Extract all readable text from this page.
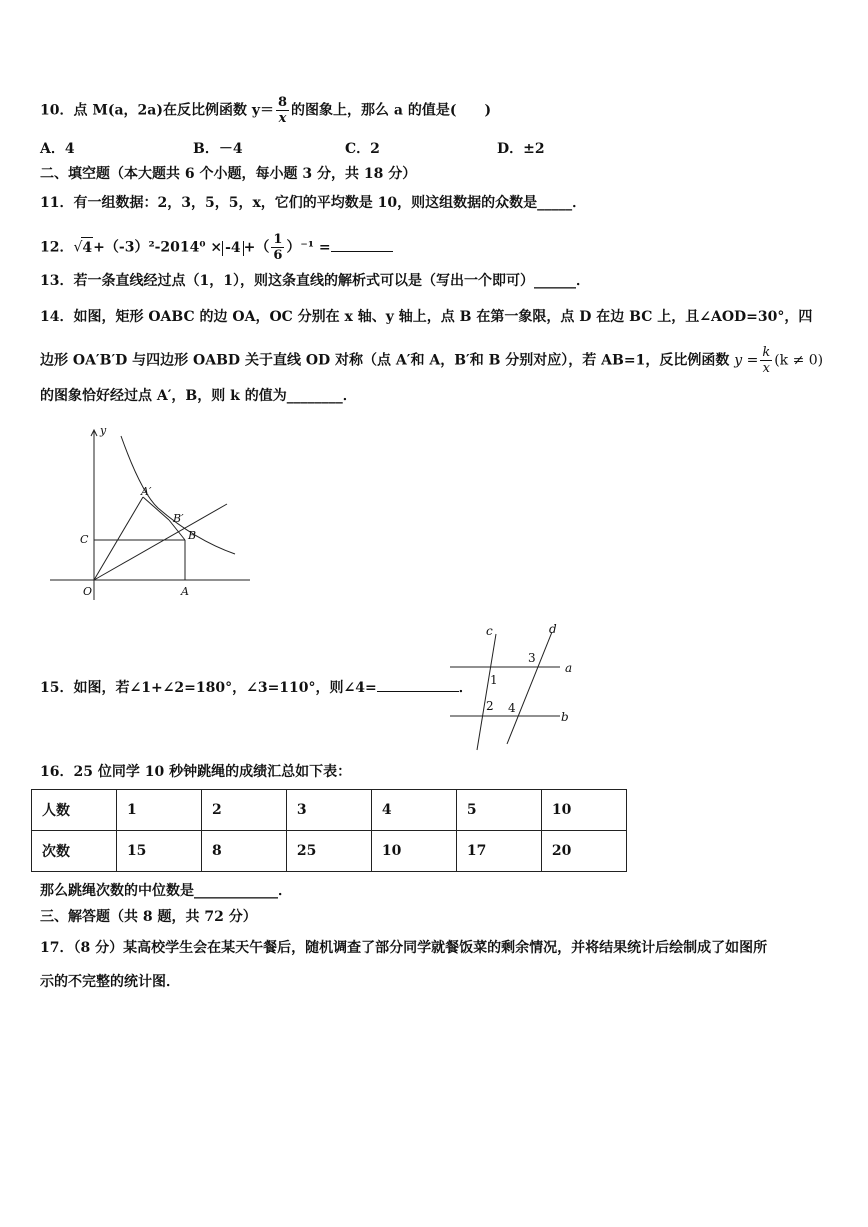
10．点 M(a，2a)在反比例函数 $y= \frac{8}{x}$ 的图象上，那么 a 的值是(　　)
A．4	B．－4	C．2	D．±2
二、填空题（本大题共 6 个小题，每小题 3 分，共 18 分）
11．有一组数据：2，3，5，5，x，它们的平均数是 10，则这组数据的众数是_____．
12．√4+（-3）²-2014⁰ × -4 +（ $\frac{1}{6} )^{-1}$ =
13．若一条直线经过点（1，1），则这条直线的解析式可以是（写出一个即可）______．
14．如图，矩形 OABC 的边 OA，OC 分别在 x 轴、y 轴上，点 B 在第一象限，点 D 在边 BC 上，且∠AOD=30°，四
边形 OA′B′D 与四边形 OABD 关于直线 OD 对称（点 A′和 A，B′和 B 分别对应），若 AB=1，反比例函数 $y = \frac{k}{x} (k \ne 0)$
的图象恰好经过点 A′，B，则 k 的值为________．
y
A′
B′
C	B
O	A
15．如图，若∠1+∠2=180°，∠3=110°，则∠4=	．
c	d
a
b
1
2
3
4
16．25 位同学 10 秒钟跳绳的成绩汇总如下表：
人数	1	2	3	4	5	10
次数	15	8	25	10	17	20
那么跳绳次数的中位数是____________．
三、解答题（共 8 题，共 72 分）
17．（8 分）某高校学生会在某天午餐后，随机调查了部分同学就餐饭菜的剩余情况，并将结果统计后绘制成了如图所
示的不完整的统计图．
